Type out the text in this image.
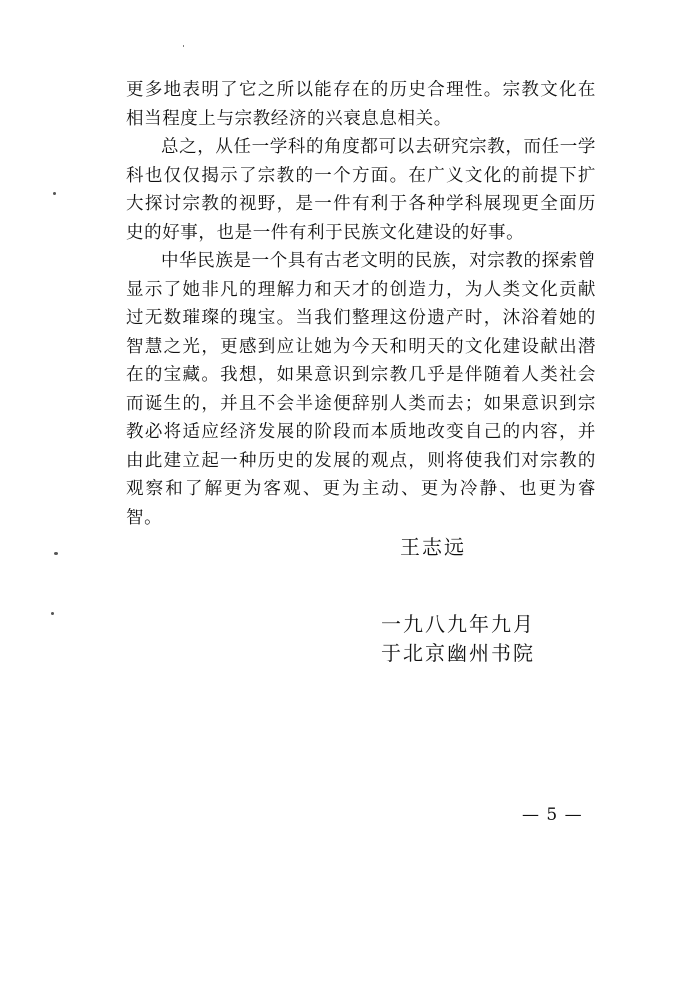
更多地表明了它之所以能存在的历史合理性。宗教文化在相当程度上与宗教经济的兴衰息息相关。

总之，从任一学科的角度都可以去研究宗教，而任一学科也仅仅揭示了宗教的一个方面。在广义文化的前提下扩大探讨宗教的视野，是一件有利于各种学科展现更全面历史的好事，也是一件有利于民族文化建设的好事。

中华民族是一个具有古老文明的民族，对宗教的探索曾显示了她非凡的理解力和天才的创造力，为人类文化贡献过无数璀璨的瑰宝。当我们整理这份遗产时，沐浴着她的智慧之光，更感到应让她为今天和明天的文化建设献出潜在的宝藏。我想，如果意识到宗教几乎是伴随着人类社会而诞生的，并且不会半途便辞别人类而去；如果意识到宗教必将适应经济发展的阶段而本质地改变自己的内容，并由此建立起一种历史的发展的观点，则将使我们对宗教的观察和了解更为客观、更为主动、更为冷静、也更为睿智。

王志远
一九八九年九月
于北京幽州书院
— 5 —
